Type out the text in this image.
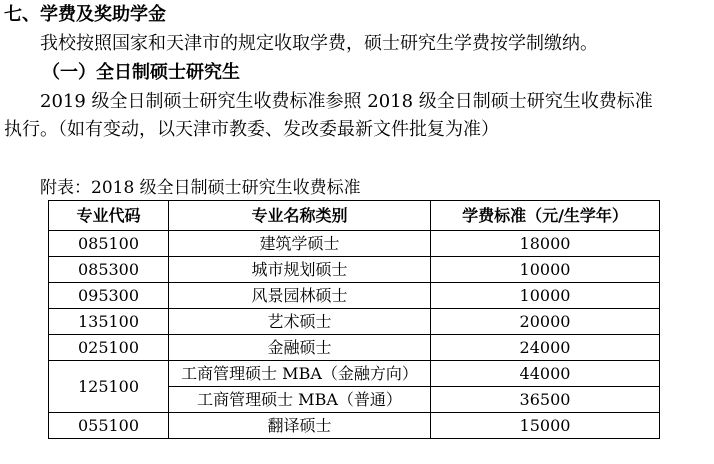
七、学费及奖助学金
我校按照国家和天津市的规定收取学费，硕士研究生学费按学制缴纳。
（一）全日制硕士研究生
2019 级全日制硕士研究生收费标准参照 2018 级全日制硕士研究生收费标准
执行。（如有变动，以天津市教委、发改委最新文件批复为准）
附表：2018 级全日制硕士研究生收费标准
专业代码	专业名称类别	学费标准（元/生学年）
085100	建筑学硕士	18000
085300	城市规划硕士	10000
095300	风景园林硕士	10000
135100	艺术硕士	20000
025100	金融硕士	24000
125100	工商管理硕士 MBA（金融方向）	44000
	工商管理硕士 MBA（普通）	36500
055100	翻译硕士	15000
